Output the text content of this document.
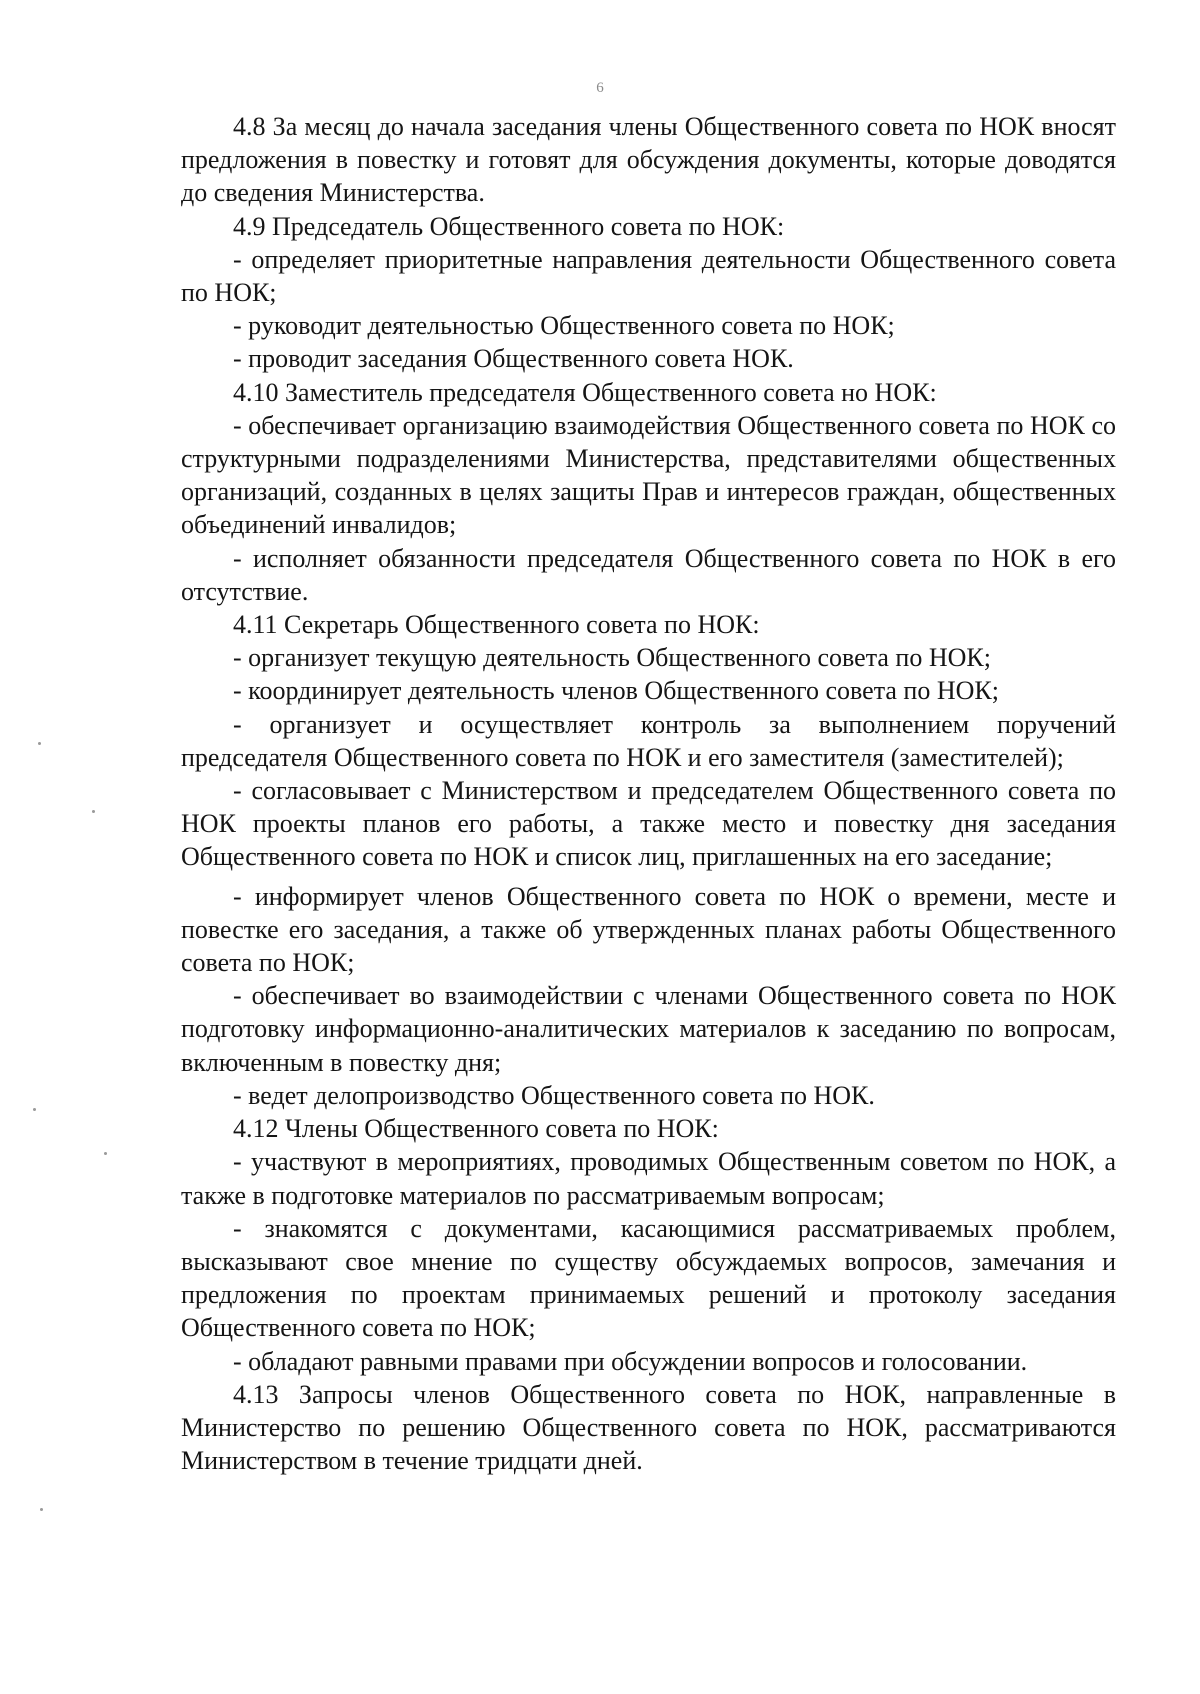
6

4.8 За месяц до начала заседания члены Общественного совета по НОК вносят предложения в повестку и готовят для обсуждения документы, которые доводятся до сведения Министерства.

4.9 Председатель Общественного совета по НОК:

- определяет приоритетные направления деятельности Общественного совета по НОК;

- руководит деятельностью Общественного совета по НОК;

- проводит заседания Общественного совета НОК.

4.10 Заместитель председателя Общественного совета но НОК:

- обеспечивает организацию взаимодействия Общественного совета по НОК со структурными подразделениями Министерства, представителями общественных организаций, созданных в целях защиты Прав и интересов граждан, общественных объединений инвалидов;

- исполняет обязанности председателя Общественного совета по НОК в его отсутствие.

4.11 Секретарь Общественного совета по НОК:

- организует текущую деятельность Общественного совета по НОК;

- координирует деятельность членов Общественного совета по НОК;

- организует и осуществляет контроль за выполнением поручений председателя Общественного совета по НОК и его заместителя (заместителей);

- согласовывает с Министерством и председателем Общественного совета по НОК проекты планов его работы, а также место и повестку дня заседания Общественного совета по НОК и список лиц, приглашенных на его заседание;

- информирует членов Общественного совета по НОК о времени, месте и повестке его заседания, а также об утвержденных планах работы Общественного совета по НОК;

- обеспечивает во взаимодействии с членами Общественного совета по НОК подготовку информационно-аналитических материалов к заседанию по вопросам, включенным в повестку дня;

- ведет делопроизводство Общественного совета по НОК.

4.12 Члены Общественного совета по НОК:

- участвуют в мероприятиях, проводимых Общественным советом по НОК, а также в подготовке материалов по рассматриваемым вопросам;

- знакомятся с документами, касающимися рассматриваемых проблем, высказывают свое мнение по существу обсуждаемых вопросов, замечания и предложения по проектам принимаемых решений и протоколу заседания Общественного совета по НОК;

- обладают равными правами при обсуждении вопросов и голосовании.

4.13 Запросы членов Общественного совета по НОК, направленные в Министерство по решению Общественного совета по НОК, рассматриваются Министерством в течение тридцати дней.
